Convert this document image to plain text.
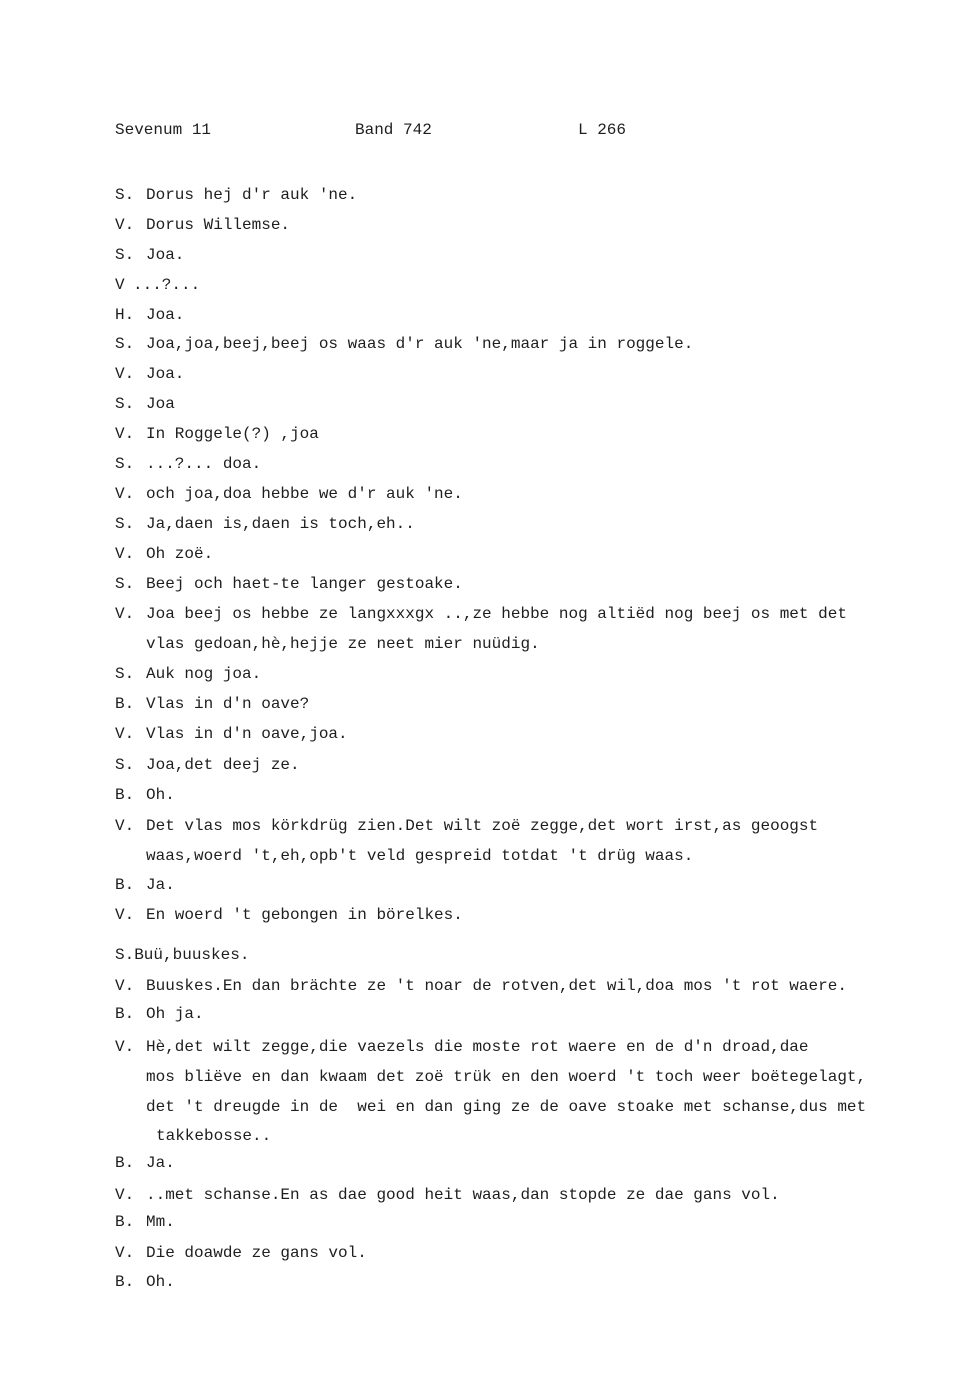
Sevenum 11	Band 742	L 266
S. Dorus hej d'r auk 'ne.
V. Dorus Willemse.
S. Joa.
V ...?...
H. Joa.
S. Joa,joa,beej,beej os waas d'r auk 'ne,maar ja in roggele.
V. Joa.
S. Joa
V. In Roggele(?) ,joa
S. ...?... doa.
V. och joa,doa hebbe we d'r auk 'ne.
S. Ja,daen is,daen is toch,eh..
V. Oh zoë.
S. Beej och haet-te langer gestoake.
V. Joa beej os hebbe ze langxxxgx ..,ze hebbe nog altiëd nog beej os met det
vlas gedoan,hè,hejje ze neet mier nuüdig.
S. Auk nog joa.
B. Vlas in d'n oave?
V. Vlas in d'n oave,joa.
S. Joa,det deej ze.
B. Oh.
V. Det vlas mos körkdrüg zien.Det wilt zoë zegge,det wort irst,as geoogst
waas,woerd 't,eh,opb't veld gespreid totdat 't drüg waas.
B. Ja.
V. En woerd 't gebongen in börelkes.
S.Buü,buuskes.
V. Buuskes.En dan brächte ze 't noar de rotven,det wil,doa mos 't rot waere.
B. Oh ja.
V. Hè,det wilt zegge,die vaezels die moste rot waere en de d'n droad,dae
mos bliëve en dan kwaam det zoë trük en den woerd 't toch weer boëtegelagt,
det 't dreugde in de  wei en dan ging ze de oave stoake met schanse,dus met
takkebosse..
B. Ja.
V. ..met schanse.En as dae good heit waas,dan stopde ze dae gans vol.
B. Mm.
V. Die doawde ze gans vol.
B. Oh.
